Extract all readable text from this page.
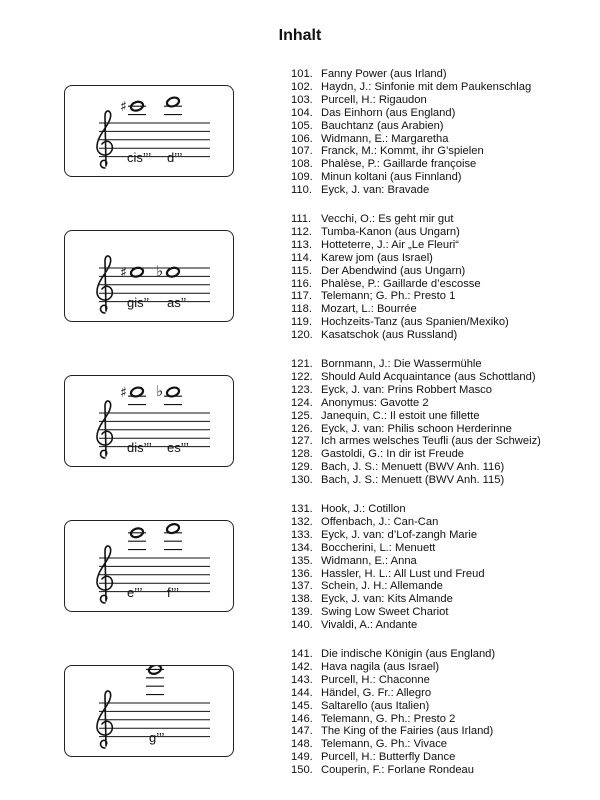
Inhalt
cis’’’ d’’’
♯
101. Fanny Power (aus Irland)
102. Haydn, J.: Sinfonie mit dem Paukenschlag
103. Purcell, H.: Rigaudon
104. Das Einhorn (aus England)
105. Bauchtanz (aus Arabien)
106. Widmann, E.: Margaretha
107. Franck, M.: Kommt, ihr G’spielen
108. Phalèse, P.: Gaillarde françoise
109. Minun koltani (aus Finnland)
110. Eyck, J. van: Bravade
gis’’ as’’
♯ ♭
111. Vecchi, O.: Es geht mir gut
112. Tumba-Kanon (aus Ungarn)
113. Hotteterre, J.: Air „Le Fleuri“
114. Karew jom (aus Israel)
115. Der Abendwind (aus Ungarn)
116. Phalèse, P.: Gaillarde d’escosse
117. Telemann; G. Ph.: Presto 1
118. Mozart, L.: Bourrée
119. Hochzeits-Tanz (aus Spanien/Mexiko)
120. Kasatschok (aus Russland)
dis’’’ es’’’
♯ ♭
121. Bornmann, J.: Die Wassermühle
122. Should Auld Acquaintance (aus Schottland)
123. Eyck, J. van: Prins Robbert Masco
124. Anonymus: Gavotte 2
125. Janequin, C.: Il estoit une fillette
126. Eyck, J. van: Philis schoon Herderinne
127. Ich armes welsches Teufli (aus der Schweiz)
128. Gastoldi, G.: In dir ist Freude
129. Bach, J. S.: Menuett (BWV Anh. 116)
130. Bach, J. S.: Menuett (BWV Anh. 115)
e’’’ f’’’
131. Hook, J.: Cotillon
132. Offenbach, J.: Can-Can
133. Eyck, J. van: d’Lof-zangh Marie
134. Boccherini, L.: Menuett
135. Widmann, E.: Anna
136. Hassler, H. L.: All Lust und Freud
137. Schein, J. H.: Allemande
138. Eyck, J. van: Kits Almande
139. Swing Low Sweet Chariot
140. Vivaldi, A.: Andante
g’’’
141. Die indische Königin (aus England)
142. Hava nagila (aus Israel)
143. Purcell, H.: Chaconne
144. Händel, G. Fr.: Allegro
145. Saltarello (aus Italien)
146. Telemann, G. Ph.: Presto 2
147. The King of the Fairies (aus Irland)
148. Telemann, G. Ph.: Vivace
149. Purcell, H.: Butterfly Dance
150. Couperin, F.: Forlane Rondeau
